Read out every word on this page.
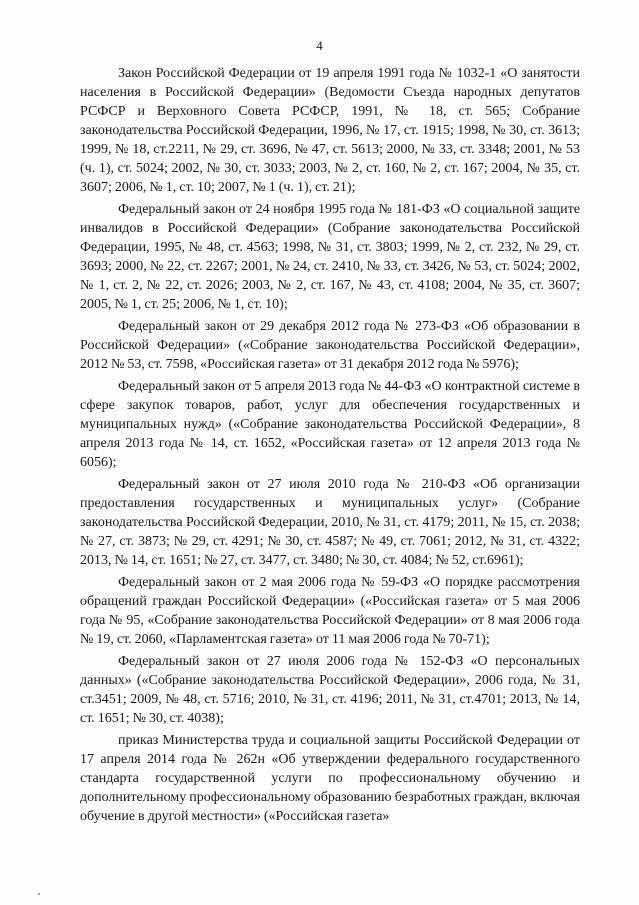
4

Закон Российской Федерации от 19 апреля 1991 года № 1032-1 «О занятости населения в Российской Федерации» (Ведомости Съезда народных депутатов РСФСР и Верховного Совета РСФСР, 1991, № 18, ст. 565; Собрание законодательства Российской Федерации, 1996, № 17, ст. 1915; 1998, № 30, ст. 3613; 1999, № 18, ст.2211, № 29, ст. 3696, № 47, ст. 5613; 2000, № 33, ст. 3348; 2001, № 53 (ч. 1), ст. 5024; 2002, № 30, ст. 3033; 2003, № 2, ст. 160, № 2, ст. 167; 2004, № 35, ст. 3607; 2006, № 1, ст. 10; 2007, № 1 (ч. 1), ст. 21);

Федеральный закон от 24 ноября 1995 года № 181-ФЗ «О социальной защите инвалидов в Российской Федерации» (Собрание законодательства Российской Федерации, 1995, № 48, ст. 4563; 1998, № 31, ст. 3803; 1999, № 2, ст. 232, № 29, ст. 3693; 2000, № 22, ст. 2267; 2001, № 24, ст. 2410, № 33, ст. 3426, № 53, ст. 5024; 2002, № 1, ст. 2, № 22, ст. 2026; 2003, № 2, ст. 167, № 43, ст. 4108; 2004, № 35, ст. 3607; 2005, № 1, ст. 25; 2006, № 1, ст. 10);

Федеральный закон от 29 декабря 2012 года № 273-ФЗ «Об образовании в Российской Федерации» («Собрание законодательства Российской Федерации», 2012 № 53, ст. 7598, «Российская газета» от 31 декабря 2012 года № 5976);

Федеральный закон от 5 апреля 2013 года № 44-ФЗ «О контрактной системе в сфере закупок товаров, работ, услуг для обеспечения государственных и муниципальных нужд» («Собрание законодательства Российской Федерации», 8 апреля 2013 года № 14, ст. 1652, «Российская газета» от 12 апреля 2013 года № 6056);

Федеральный закон от 27 июля 2010 года № 210-ФЗ «Об организации предоставления государственных и муниципальных услуг» (Собрание законодательства Российской Федерации, 2010, № 31, ст. 4179; 2011, № 15, ст. 2038; № 27, ст. 3873; № 29, ст. 4291; № 30, ст. 4587; № 49, ст. 7061; 2012, № 31, ст. 4322; 2013, № 14, ст. 1651; № 27, ст. 3477, ст. 3480; № 30, ст. 4084; № 52, ст.6961);

Федеральный закон от 2 мая 2006 года № 59-ФЗ «О порядке рассмотрения обращений граждан Российской Федерации» («Российская газета» от 5 мая 2006 года № 95, «Собрание законодательства Российской Федерации» от 8 мая 2006 года № 19, ст. 2060, «Парламентская газета» от 11 мая 2006 года № 70-71);

Федеральный закон от 27 июля 2006 года № 152-ФЗ «О персональных данных» («Собрание законодательства Российской Федерации», 2006 года, № 31, ст.3451; 2009, № 48, ст. 5716; 2010, № 31, ст. 4196; 2011, № 31, ст.4701; 2013, № 14, ст. 1651; № 30, ст. 4038);

приказ Министерства труда и социальной защиты Российской Федерации от 17 апреля 2014 года № 262н «Об утверждении федерального государственного стандарта государственной услуги по профессиональному обучению и дополнительному профессиональному образованию безработных граждан, включая обучение в другой местности» («Российская газета»
